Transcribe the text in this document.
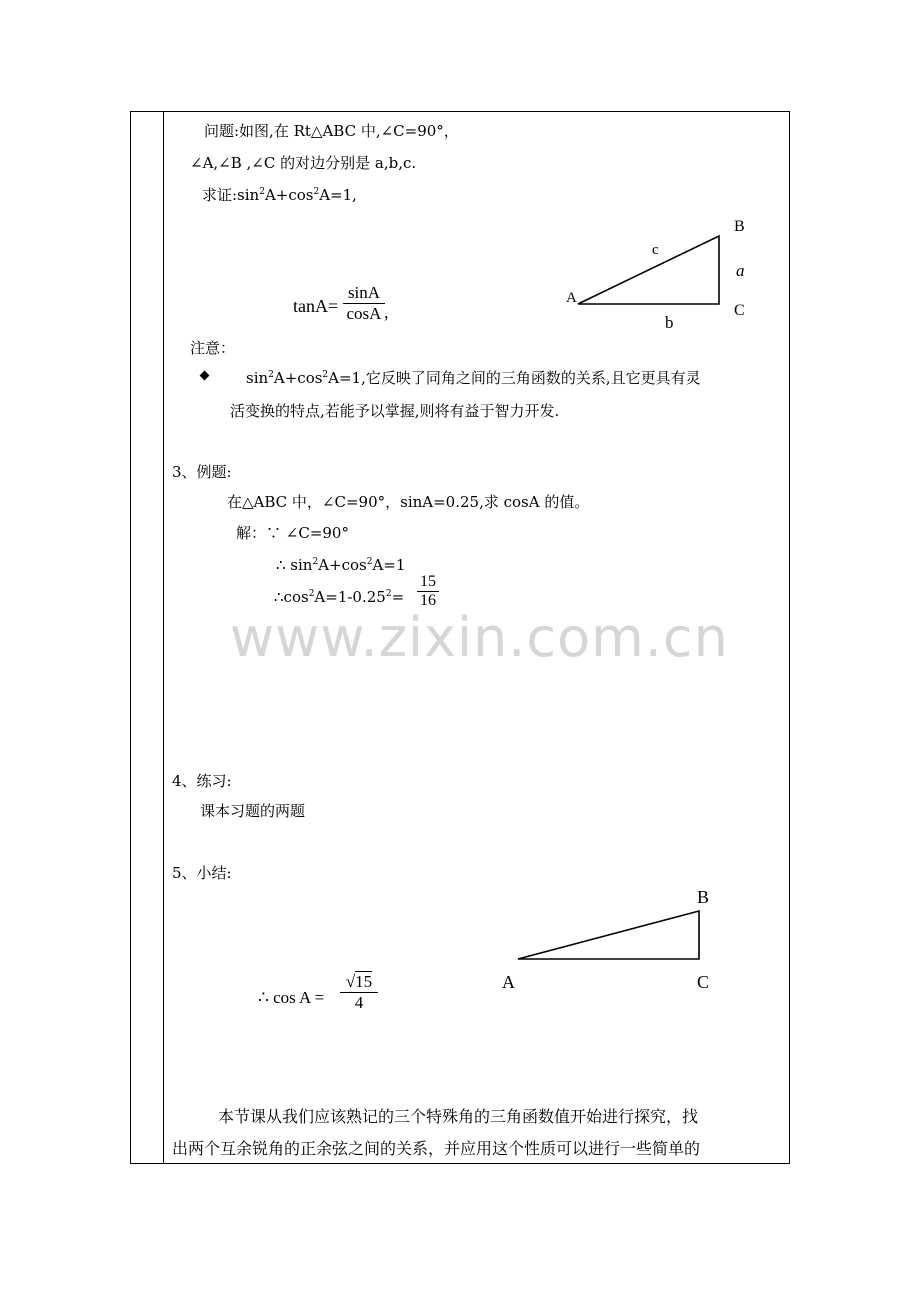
问题:如图,在 Rt△ABC 中,∠C=90°，
∠A,∠B ,∠C 的对边分别是 a,b,c.
求证$:\sin^2A+\cos^2A=1$,
tanA=
sinA
cosA ,
A
B
C
c
a
b
注意：
$\sin^2A+\cos^2A=1$,它反映了同角之间的三角函数的关系,且它更具有灵
活变换的特点,若能予以掌握,则将有益于智力开发.
3、例题:
在△ABC 中，∠C=90°，sinA=0.25,求 cosA 的值。
解：∵ ∠C=90°
∴ $\sin^2A+\cos^2A=1$
$\therefore\cos^2A=1-0.25^2=$
15
16
www.zixin.com.cn
4、练习:
课本习题的两题
5、小结:
∴ cos A =
√15
4
A
B
C
本节课从我们应该熟记的三个特殊角的三角函数值开始进行探究，找
出两个互余锐角的正余弦之间的关系，并应用这个性质可以进行一些简单的
